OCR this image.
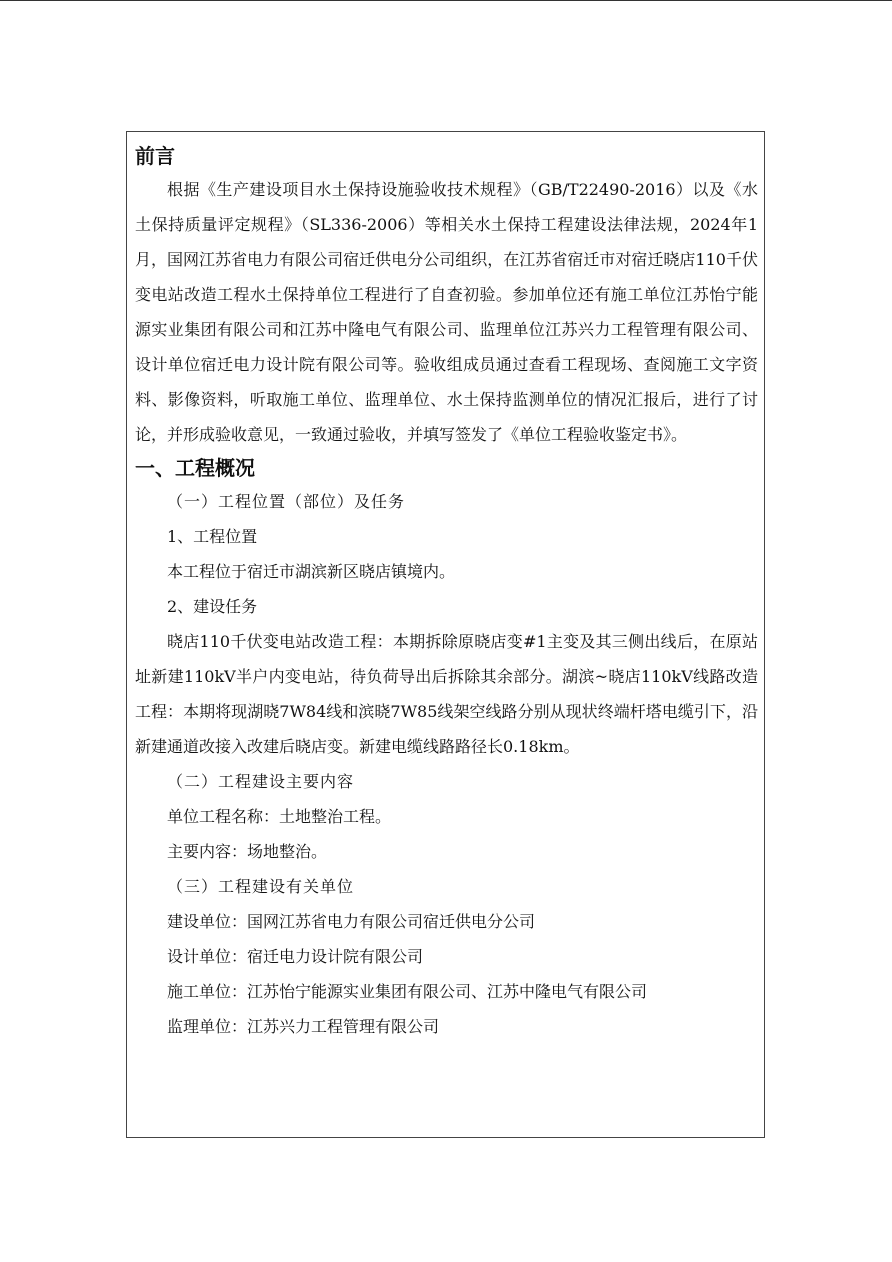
前言

根据《生产建设项目水土保持设施验收技术规程》（GB/T22490-2016）以及《水土保持质量评定规程》（SL336-2006）等相关水土保持工程建设法律法规，2024年1月，国网江苏省电力有限公司宿迁供电分公司组织，在江苏省宿迁市对宿迁晓店110千伏变电站改造工程水土保持单位工程进行了自查初验。参加单位还有施工单位江苏怡宁能源实业集团有限公司和江苏中隆电气有限公司、监理单位江苏兴力工程管理有限公司、设计单位宿迁电力设计院有限公司等。验收组成员通过查看工程现场、查阅施工文字资料、影像资料，听取施工单位、监理单位、水土保持监测单位的情况汇报后，进行了讨论，并形成验收意见，一致通过验收，并填写签发了《单位工程验收鉴定书》。

一、工程概况

（一）工程位置（部位）及任务

1、工程位置

本工程位于宿迁市湖滨新区晓店镇境内。

2、建设任务

晓店110千伏变电站改造工程：本期拆除原晓店变#1主变及其三侧出线后，在原站址新建110kV半户内变电站，待负荷导出后拆除其余部分。湖滨~晓店110kV线路改造工程：本期将现湖晓7W84线和滨晓7W85线架空线路分别从现状终端杆塔电缆引下，沿新建通道改接入改建后晓店变。新建电缆线路路径长0.18km。

（二）工程建设主要内容

单位工程名称：土地整治工程。

主要内容：场地整治。

（三）工程建设有关单位

建设单位：国网江苏省电力有限公司宿迁供电分公司

设计单位：宿迁电力设计院有限公司

施工单位：江苏怡宁能源实业集团有限公司、江苏中隆电气有限公司

监理单位：江苏兴力工程管理有限公司
